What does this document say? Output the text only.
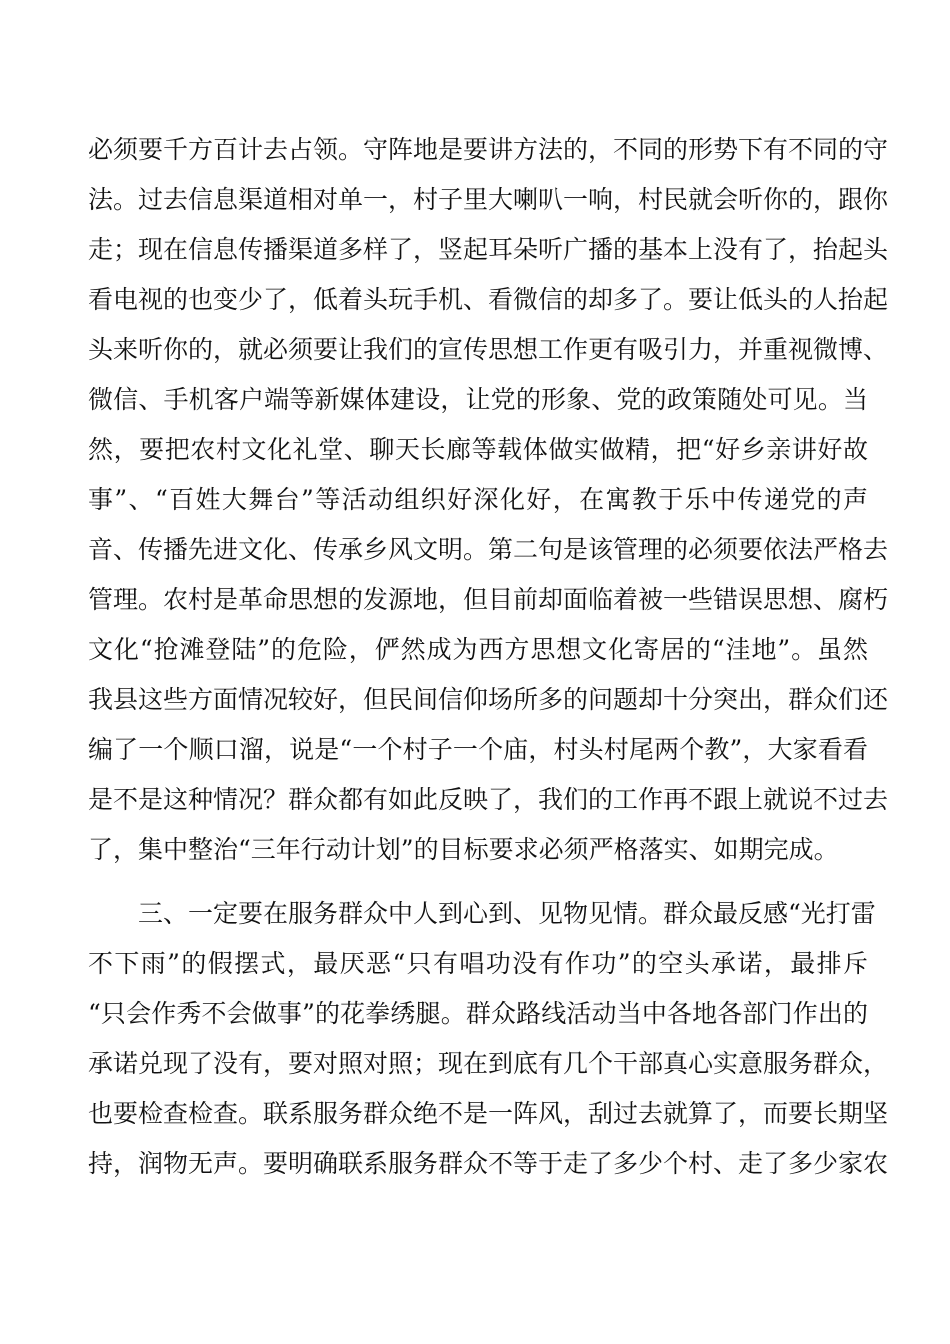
必须要千方百计去占领。守阵地是要讲方法的，不同的形势下有不同的守
法。过去信息渠道相对单一，村子里大喇叭一响，村民就会听你的，跟你
走；现在信息传播渠道多样了，竖起耳朵听广播的基本上没有了，抬起头
看电视的也变少了，低着头玩手机、看微信的却多了。要让低头的人抬起
头来听你的，就必须要让我们的宣传思想工作更有吸引力，并重视微博、
微信、手机客户端等新媒体建设，让党的形象、党的政策随处可见。当
然，要把农村文化礼堂、聊天长廊等载体做实做精，把“好乡亲讲好故
事”、“百姓大舞台”等活动组织好深化好，在寓教于乐中传递党的声
音、传播先进文化、传承乡风文明。第二句是该管理的必须要依法严格去
管理。农村是革命思想的发源地，但目前却面临着被一些错误思想、腐朽
文化“抢滩登陆”的危险，俨然成为西方思想文化寄居的“洼地”。虽然
我县这些方面情况较好，但民间信仰场所多的问题却十分突出，群众们还
编了一个顺口溜，说是“一个村子一个庙，村头村尾两个教”，大家看看
是不是这种情况？群众都有如此反映了，我们的工作再不跟上就说不过去
了，集中整治“三年行动计划”的目标要求必须严格落实、如期完成。
三、一定要在服务群众中人到心到、见物见情。群众最反感“光打雷
不下雨”的假摆式，最厌恶“只有唱功没有作功”的空头承诺，最排斥
“只会作秀不会做事”的花拳绣腿。群众路线活动当中各地各部门作出的
承诺兑现了没有，要对照对照；现在到底有几个干部真心实意服务群众，
也要检查检查。联系服务群众绝不是一阵风，刮过去就算了，而要长期坚
持，润物无声。要明确联系服务群众不等于走了多少个村、走了多少家农
